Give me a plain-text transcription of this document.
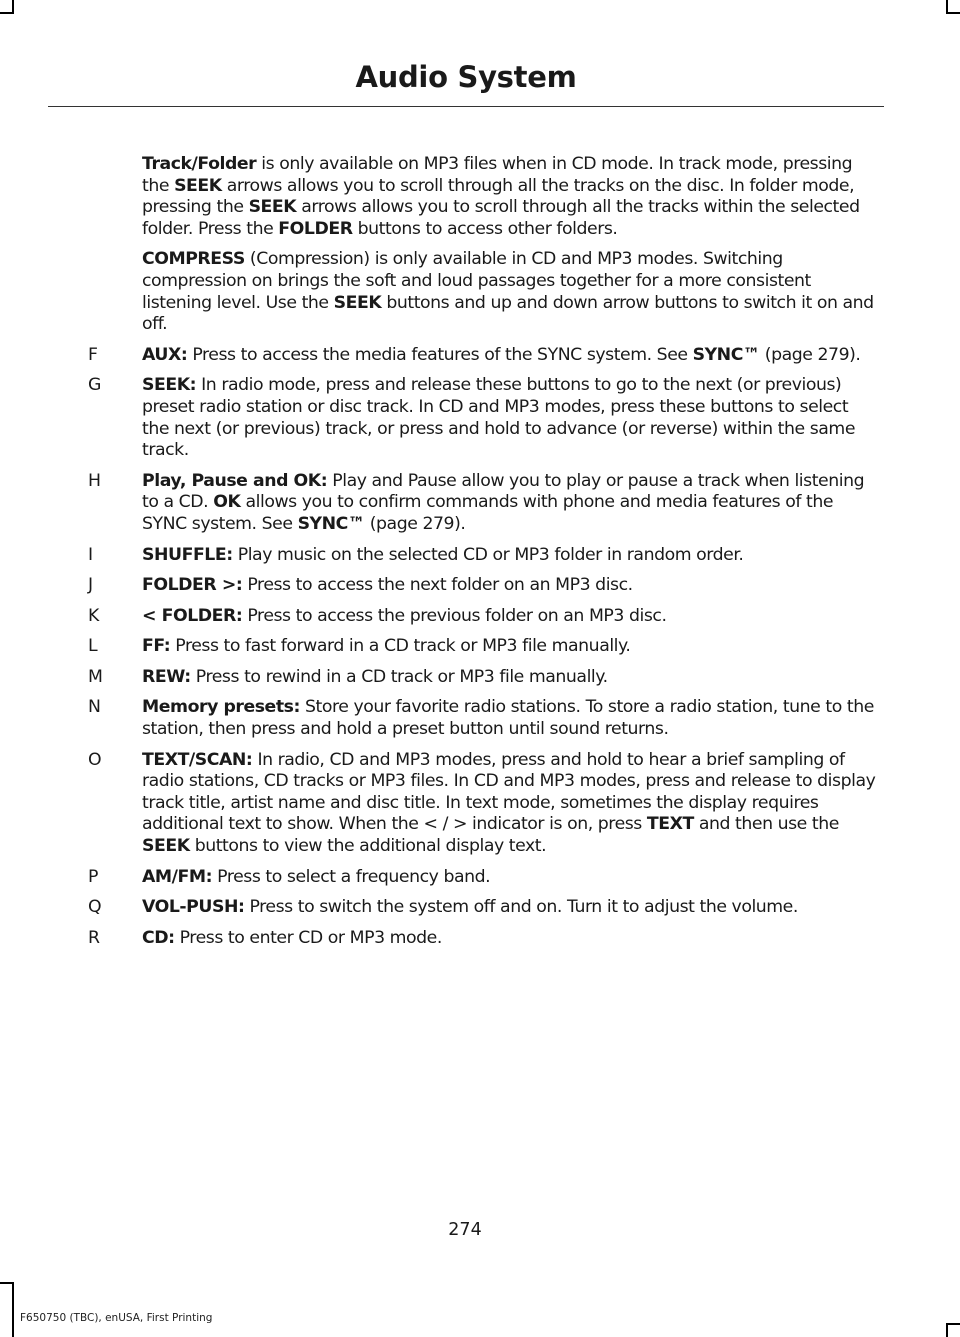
Audio System
Track/Folder is only available on MP3 files when in CD mode. In track mode, pressing the SEEK arrows allows you to scroll through all the tracks on the disc. In folder mode, pressing the SEEK arrows allows you to scroll through all the tracks within the selected folder. Press the FOLDER buttons to access other folders.
COMPRESS (Compression) is only available in CD and MP3 modes. Switching compression on brings the soft and loud passages together for a more consistent listening level. Use the SEEK buttons and up and down arrow buttons to switch it on and off.
F	AUX: Press to access the media features of the SYNC system. See SYNC™ (page 279).
G	SEEK: In radio mode, press and release these buttons to go to the next (or previous) preset radio station or disc track. In CD and MP3 modes, press these buttons to select the next (or previous) track, or press and hold to advance (or reverse) within the same track.
H	Play, Pause and OK: Play and Pause allow you to play or pause a track when listening to a CD. OK allows you to confirm commands with phone and media features of the SYNC system. See SYNC™ (page 279).
I	SHUFFLE: Play music on the selected CD or MP3 folder in random order.
J	FOLDER >: Press to access the next folder on an MP3 disc.
K	< FOLDER: Press to access the previous folder on an MP3 disc.
L	FF: Press to fast forward in a CD track or MP3 file manually.
M	REW: Press to rewind in a CD track or MP3 file manually.
N	Memory presets: Store your favorite radio stations. To store a radio station, tune to the station, then press and hold a preset button until sound returns.
O	TEXT/SCAN: In radio, CD and MP3 modes, press and hold to hear a brief sampling of radio stations, CD tracks or MP3 files. In CD and MP3 modes, press and release to display track title, artist name and disc title. In text mode, sometimes the display requires additional text to show. When the < / > indicator is on, press TEXT and then use the SEEK buttons to view the additional display text.
P	AM/FM: Press to select a frequency band.
Q	VOL-PUSH: Press to switch the system off and on. Turn it to adjust the volume.
R	CD: Press to enter CD or MP3 mode.
274
F650750 (TBC), enUSA, First Printing
